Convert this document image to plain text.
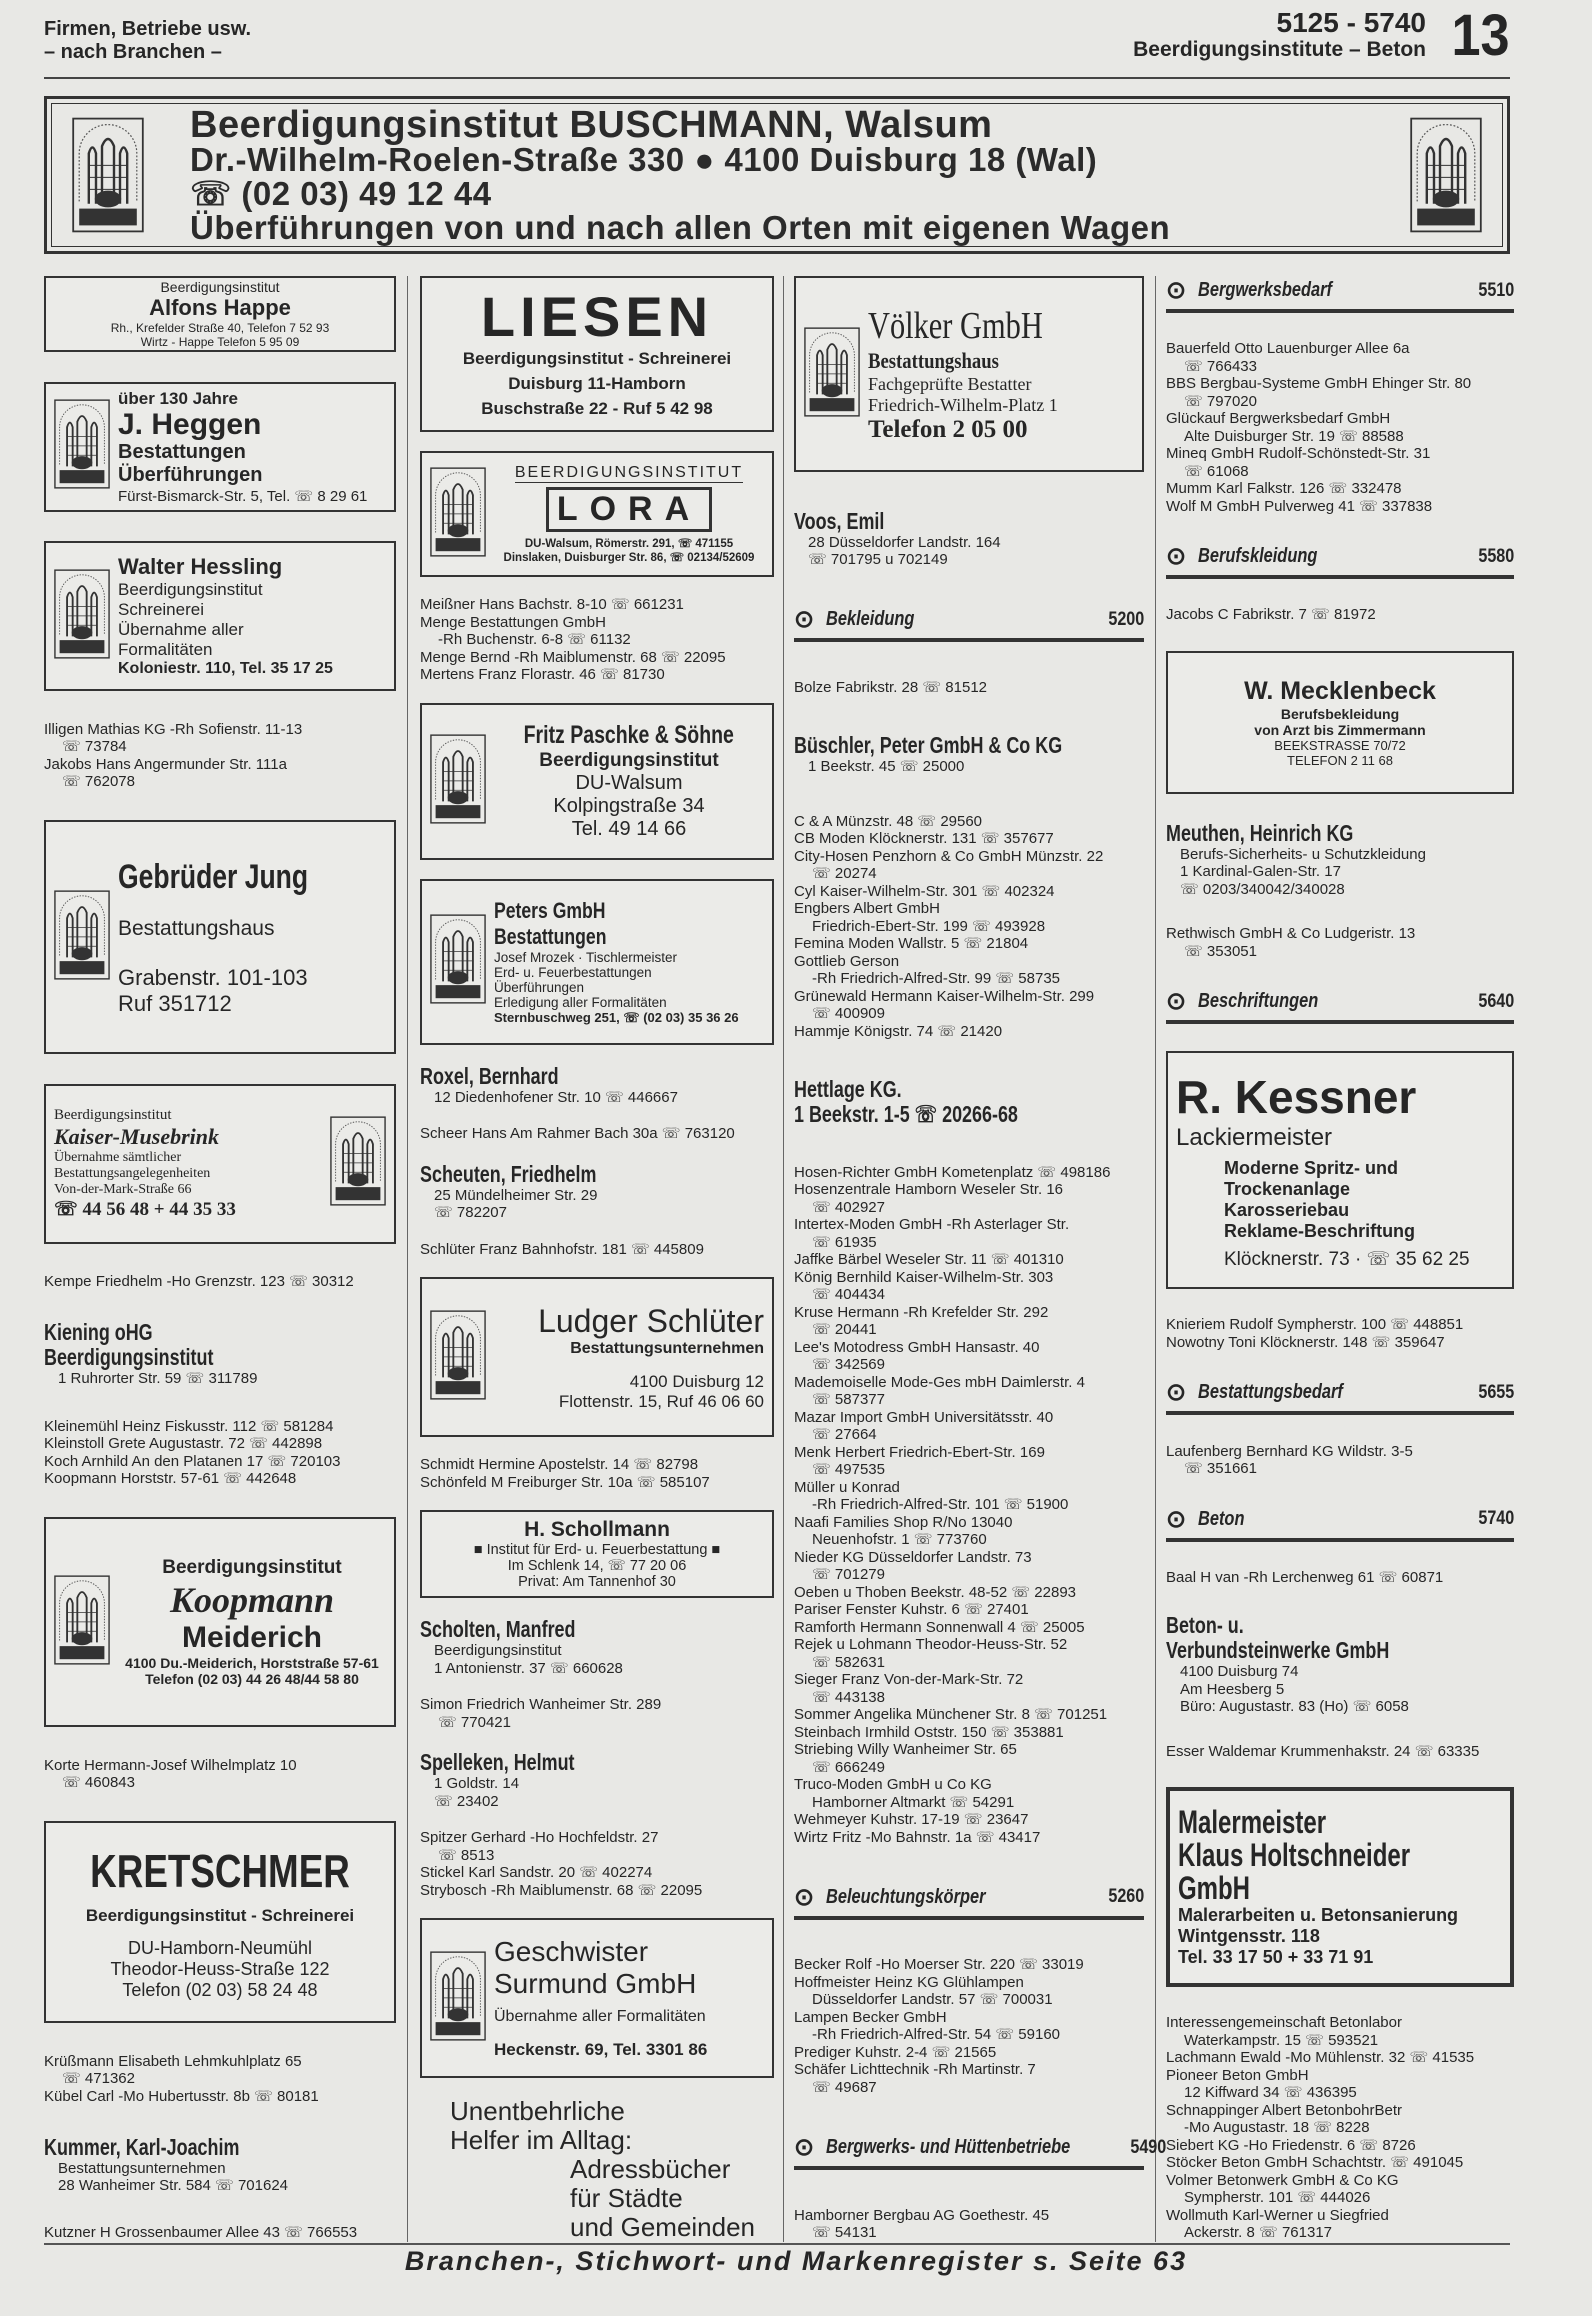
Firmen, Betriebe usw.
– nach Branchen –
5125 - 5740
Beerdigungsinstitute – Beton 13
Beerdigungsinstitut BUSCHMANN, Walsum
Dr.-Wilhelm-Roelen-Straße 330 ● 4100 Duisburg 18 (Wal)
☏ (02 03) 49 12 44
Überführungen von und nach allen Orten mit eigenen Wagen
Beerdigungsinstitut
Alfons Happe
Rh., Krefelder Straße 40, Telefon 7 52 93
Wirtz - Happe Telefon 5 95 09
über 130 Jahre
J. Heggen
Bestattungen
Überführungen
Fürst-Bismarck-Str. 5, Tel. ☏ 8 29 61
Walter Hessling
Beerdigungsinstitut
Schreinerei
Übernahme aller
Formalitäten
Koloniestr. 110, Tel. 35 17 25
Illigen Mathias KG -Rh Sofienstr. 11-13
☏ 73784
Jakobs Hans Angermunder Str. 111a
☏ 762078
Gebrüder Jung
Bestattungshaus
Grabenstr. 101-103
Ruf 351712
Beerdigungsinstitut
Kaiser-Musebrink
Übernahme sämtlicher
Bestattungsangelegenheiten
Von-der-Mark-Straße 66
☏ 44 56 48 + 44 35 33
Kempe Friedhelm -Ho Grenzstr. 123 ☏ 30312
Kiening oHG
Beerdigungsinstitut
1 Ruhrorter Str. 59 ☏ 311789
Kleinemühl Heinz Fiskusstr. 112 ☏ 581284
Kleinstoll Grete Augustastr. 72 ☏ 442898
Koch Arnhild An den Platanen 17 ☏ 720103
Koopmann Horststr. 57-61 ☏ 442648
Beerdigungsinstitut
Koopmann
Meiderich
4100 Du.-Meiderich, Horststraße 57-61
Telefon (02 03) 44 26 48/44 58 80
Korte Hermann-Josef Wilhelmplatz 10
☏ 460843
KRETSCHMER
Beerdigungsinstitut - Schreinerei
DU-Hamborn-Neumühl
Theodor-Heuss-Straße 122
Telefon (02 03) 58 24 48
Krüßmann Elisabeth Lehmkuhlplatz 65
☏ 471362
Kübel Carl -Mo Hubertusstr. 8b ☏ 80181
Kummer, Karl-Joachim
Bestattungsunternehmen
28 Wanheimer Str. 584 ☏ 701624
Kutzner H Grossenbaumer Allee 43 ☏ 766553
LIESEN
Beerdigungsinstitut - Schreinerei
Duisburg 11-Hamborn
Buschstraße 22 - Ruf 5 42 98
BEERDIGUNGSINSTITUT
LORA
DU-Walsum, Römerstr. 291, ☏ 471155
Dinslaken, Duisburger Str. 86, ☏ 02134/52609
Meißner Hans Bachstr. 8-10 ☏ 661231
Menge Bestattungen GmbH
-Rh Buchenstr. 6-8 ☏ 61132
Menge Bernd -Rh Maiblumenstr. 68 ☏ 22095
Mertens Franz Florastr. 46 ☏ 81730
Fritz Paschke & Söhne
Beerdigungsinstitut
DU-Walsum
Kolpingstraße 34
Tel. 49 14 66
Peters GmbH
Bestattungen
Josef Mrozek · Tischlermeister
Erd- u. Feuerbestattungen
Überführungen
Erledigung aller Formalitäten
Sternbuschweg 251, ☏ (02 03) 35 36 26
Roxel, Bernhard
12 Diedenhofener Str. 10 ☏ 446667
Scheer Hans Am Rahmer Bach 30a ☏ 763120
Scheuten, Friedhelm
25 Mündelheimer Str. 29
☏ 782207
Schlüter Franz Bahnhofstr. 181 ☏ 445809
Ludger Schlüter
Bestattungsunternehmen
4100 Duisburg 12
Flottenstr. 15, Ruf 46 06 60
Schmidt Hermine Apostelstr. 14 ☏ 82798
Schönfeld M Freiburger Str. 10a ☏ 585107
H. Schollmann
■ Institut für Erd- u. Feuerbestattung ■
Im Schlenk 14, ☏ 77 20 06
Privat: Am Tannenhof 30
Scholten, Manfred
Beerdigungsinstitut
1 Antonienstr. 37 ☏ 660628
Simon Friedrich Wanheimer Str. 289
☏ 770421
Spelleken, Helmut
1 Goldstr. 14
☏ 23402
Spitzer Gerhard -Ho Hochfeldstr. 27
☏ 8513
Stickel Karl Sandstr. 20 ☏ 402274
Strybosch -Rh Maiblumenstr. 68 ☏ 22095
Geschwister
Surmund GmbH
Übernahme aller Formalitäten
Heckenstr. 69, Tel. 3301 86
Unentbehrliche
Helfer im Alltag:
Adressbücher
für Städte
und Gemeinden
Völker GmbH
Bestattungshaus
Fachgeprüfte Bestatter
Friedrich-Wilhelm-Platz 1
Telefon 2 05 00
Voos, Emil
28 Düsseldorfer Landstr. 164
☏ 701795 u 702149
⊙ Bekleidung	5200
Bolze Fabrikstr. 28 ☏ 81512
Büschler, Peter GmbH & Co KG
1 Beekstr. 45 ☏ 25000
C & A Münzstr. 48 ☏ 29560
CB Moden Klöcknerstr. 131 ☏ 357677
City-Hosen Penzhorn & Co GmbH Münzstr. 22
☏ 20274
Cyl Kaiser-Wilhelm-Str. 301 ☏ 402324
Engbers Albert GmbH
Friedrich-Ebert-Str. 199 ☏ 493928
Femina Moden Wallstr. 5 ☏ 21804
Gottlieb Gerson
-Rh Friedrich-Alfred-Str. 99 ☏ 58735
Grünewald Hermann Kaiser-Wilhelm-Str. 299
☏ 400909
Hammje Königstr. 74 ☏ 21420
Hettlage KG.
1 Beekstr. 1-5 ☏ 20266-68
Hosen-Richter GmbH Kometenplatz ☏ 498186
Hosenzentrale Hamborn Weseler Str. 16
☏ 402927
Intertex-Moden GmbH -Rh Asterlager Str.
☏ 61935
Jaffke Bärbel Weseler Str. 11 ☏ 401310
König Bernhild Kaiser-Wilhelm-Str. 303
☏ 404434
Kruse Hermann -Rh Krefelder Str. 292
☏ 20441
Lee's Motodress GmbH Hansastr. 40
☏ 342569
Mademoiselle Mode-Ges mbH Daimlerstr. 4
☏ 587377
Mazar Import GmbH Universitätsstr. 40
☏ 27664
Menk Herbert Friedrich-Ebert-Str. 169
☏ 497535
Müller u Konrad
-Rh Friedrich-Alfred-Str. 101 ☏ 51900
Naafi Families Shop R/No 13040
Neuenhofstr. 1 ☏ 773760
Nieder KG Düsseldorfer Landstr. 73
☏ 701279
Oeben u Thoben Beekstr. 48-52 ☏ 22893
Pariser Fenster Kuhstr. 6 ☏ 27401
Ramforth Hermann Sonnenwall 4 ☏ 25005
Rejek u Lohmann Theodor-Heuss-Str. 52
☏ 582631
Sieger Franz Von-der-Mark-Str. 72
☏ 443138
Sommer Angelika Münchener Str. 8 ☏ 701251
Steinbach Irmhild Oststr. 150 ☏ 353881
Striebing Willy Wanheimer Str. 65
☏ 666249
Truco-Moden GmbH u Co KG
Hamborner Altmarkt ☏ 54291
Wehmeyer Kuhstr. 17-19 ☏ 23647
Wirtz Fritz -Mo Bahnstr. 1a ☏ 43417
⊙ Beleuchtungskörper	5260
Becker Rolf -Ho Moerser Str. 220 ☏ 33019
Hoffmeister Heinz KG Glühlampen
Düsseldorfer Landstr. 57 ☏ 700031
Lampen Becker GmbH
-Rh Friedrich-Alfred-Str. 54 ☏ 59160
Prediger Kuhstr. 2-4 ☏ 21565
Schäfer Lichttechnik -Rh Martinstr. 7
☏ 49687
⊙ Bergwerks- und Hüttenbetriebe	5490
Hamborner Bergbau AG Goethestr. 45
☏ 54131
⊙ Bergwerksbedarf	5510
Bauerfeld Otto Lauenburger Allee 6a
☏ 766433
BBS Bergbau-Systeme GmbH Ehinger Str. 80
☏ 797020
Glückauf Bergwerksbedarf GmbH
Alte Duisburger Str. 19 ☏ 88588
Mineq GmbH Rudolf-Schönstedt-Str. 31
☏ 61068
Mumm Karl Falkstr. 126 ☏ 332478
Wolf M GmbH Pulverweg 41 ☏ 337838
⊙ Berufskleidung	5580
Jacobs C Fabrikstr. 7 ☏ 81972
W. Mecklenbeck
Berufsbekleidung
von Arzt bis Zimmermann
BEEKSTRASSE 70/72
TELEFON 2 11 68
Meuthen, Heinrich KG
Berufs-Sicherheits- u Schutzkleidung
1 Kardinal-Galen-Str. 17
☏ 0203/340042/340028
Rethwisch GmbH & Co Ludgeristr. 13
☏ 353051
⊙ Beschriftungen	5640
R. Kessner
Lackiermeister
Moderne Spritz- und
Trockenanlage
Karosseriebau
Reklame-Beschriftung
Klöcknerstr. 73 · ☏ 35 62 25
Knieriem Rudolf Sympherstr. 100 ☏ 448851
Nowotny Toni Klöcknerstr. 148 ☏ 359647
⊙ Bestattungsbedarf	5655
Laufenberg Bernhard KG Wildstr. 3-5
☏ 351661
⊙ Beton	5740
Baal H van -Rh Lerchenweg 61 ☏ 60871
Beton- u.
Verbundsteinwerke GmbH
4100 Duisburg 74
Am Heesberg 5
Büro: Augustastr. 83 (Ho) ☏ 6058
Esser Waldemar Krummenhakstr. 24 ☏ 63335
Malermeister
Klaus Holtschneider
GmbH
Malerarbeiten u. Betonsanierung
Wintgensstr. 118
Tel. 33 17 50 + 33 71 91
Interessengemeinschaft Betonlabor
Waterkampstr. 15 ☏ 593521
Lachmann Ewald -Mo Mühlenstr. 32 ☏ 41535
Pioneer Beton GmbH
12 Kiffward 34 ☏ 436395
Schnappinger Albert BetonbohrBetr
-Mo Augustastr. 18 ☏ 8228
Siebert KG -Ho Friedenstr. 6 ☏ 8726
Stöcker Beton GmbH Schachtstr. ☏ 491045
Volmer Betonwerk GmbH & Co KG
Sympherstr. 101 ☏ 444026
Wollmuth Karl-Werner u Siegfried
Ackerstr. 8 ☏ 761317
Branchen-, Stichwort- und Markenregister s. Seite 63
